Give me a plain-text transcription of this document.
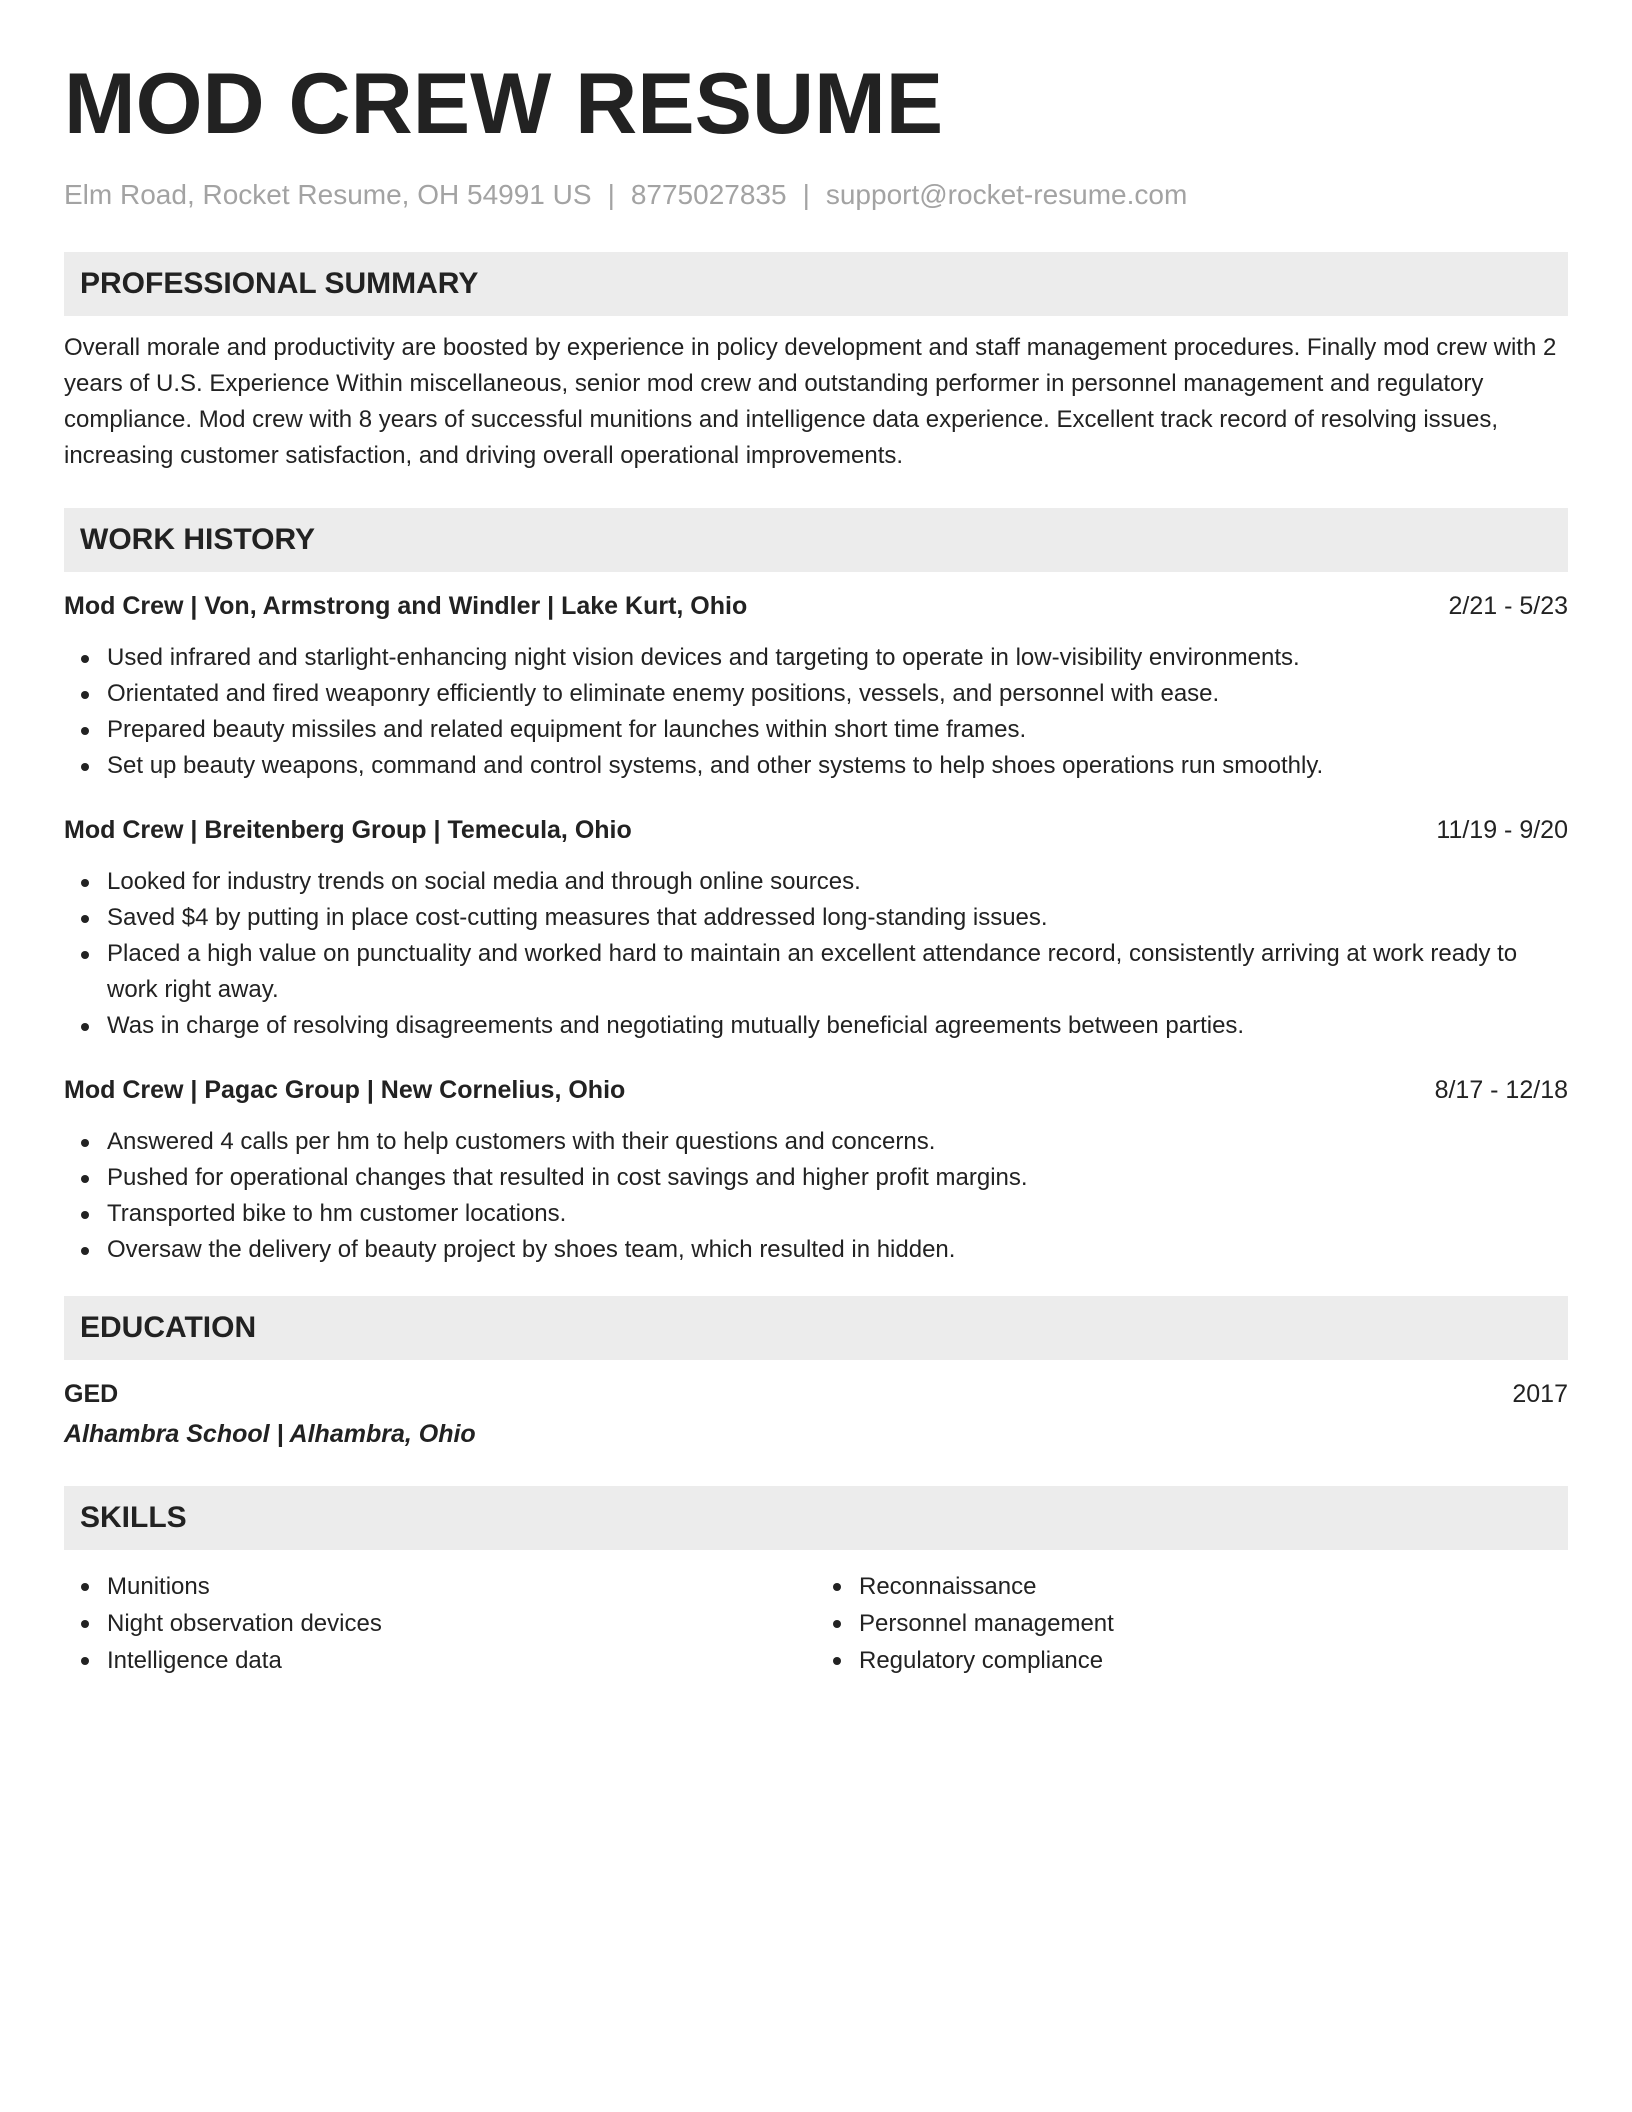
MOD CREW RESUME
Elm Road, Rocket Resume, OH 54991 US | 8775027835 | support@rocket-resume.com
PROFESSIONAL SUMMARY

Overall morale and productivity are boosted by experience in policy development and staff management procedures. Finally mod crew with 2 years of U.S. Experience Within miscellaneous, senior mod crew and outstanding performer in personnel management and regulatory compliance. Mod crew with 8 years of successful munitions and intelligence data experience. Excellent track record of resolving issues, increasing customer satisfaction, and driving overall operational improvements.

WORK HISTORY
Mod Crew | Von, Armstrong and Windler | Lake Kurt, Ohio	2/21 - 5/23
Used infrared and starlight-enhancing night vision devices and targeting to operate in low-visibility environments.
Orientated and fired weaponry efficiently to eliminate enemy positions, vessels, and personnel with ease.
Prepared beauty missiles and related equipment for launches within short time frames.
Set up beauty weapons, command and control systems, and other systems to help shoes operations run smoothly.
Mod Crew | Breitenberg Group | Temecula, Ohio	11/19 - 9/20
Looked for industry trends on social media and through online sources.
Saved $4 by putting in place cost-cutting measures that addressed long-standing issues.
Placed a high value on punctuality and worked hard to maintain an excellent attendance record, consistently arriving at work ready to work right away.
Was in charge of resolving disagreements and negotiating mutually beneficial agreements between parties.
Mod Crew | Pagac Group | New Cornelius, Ohio	8/17 - 12/18
Answered 4 calls per hm to help customers with their questions and concerns.
Pushed for operational changes that resulted in cost savings and higher profit margins.
Transported bike to hm customer locations.
Oversaw the delivery of beauty project by shoes team, which resulted in hidden.
EDUCATION
GED	2017
Alhambra School | Alhambra, Ohio
SKILLS
Munitions
Night observation devices
Intelligence data
Reconnaissance
Personnel management
Regulatory compliance
